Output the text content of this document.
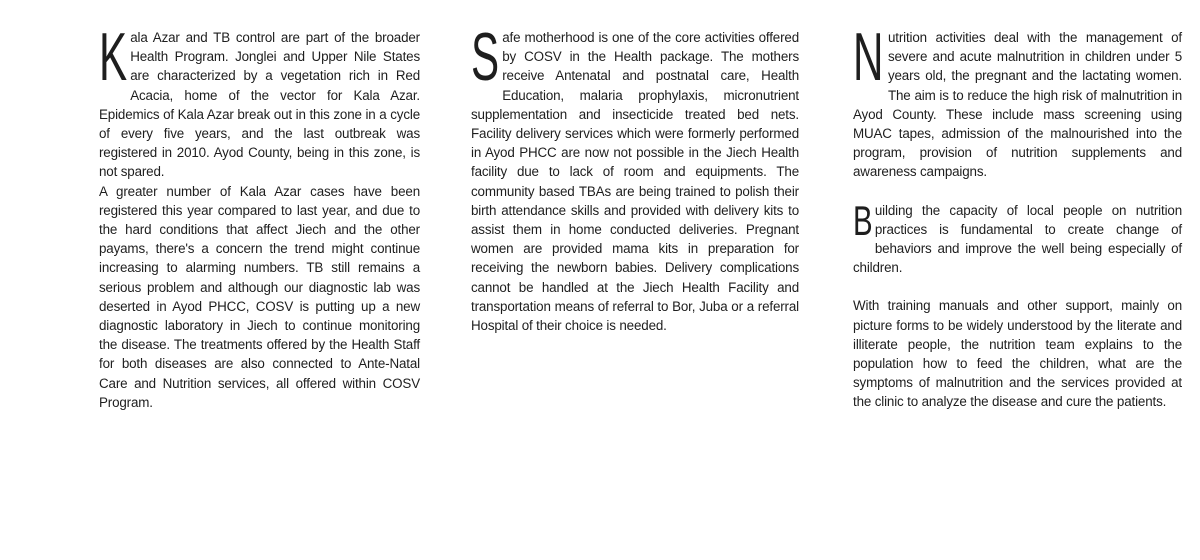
Kala Azar and TB control are part of the broader Health Program. Jonglei and Upper Nile States are characterized by a vegetation rich in Red Acacia, home of the vector for Kala Azar. Epidemics of Kala Azar break out in this zone in a cycle of every five years, and the last outbreak was registered in 2010. Ayod County, being in this zone, is not spared.

A greater number of Kala Azar cases have been registered this year compared to last year, and due to the hard conditions that affect Jiech and the other payams, there's a concern the trend might continue increasing to alarming numbers. TB still remains a serious problem and although our diagnostic lab was deserted in Ayod PHCC, COSV is putting up a new diagnostic laboratory in Jiech to continue monitoring the disease. The treatments offered by the Health Staff for both diseases are also connected to Ante-Natal Care and Nutrition services, all offered within COSV Program.

Safe motherhood is one of the core activities offered by COSV in the Health package. The mothers receive Antenatal and postnatal care, Health Education, malaria prophylaxis, micronutrient supplementation and insecticide treated bed nets. Facility delivery services which were formerly performed in Ayod PHCC are now not possible in the Jiech Health facility due to lack of room and equipments. The community based TBAs are being trained to polish their birth attendance skills and provided with delivery kits to assist them in home conducted deliveries. Pregnant women are provided mama kits in preparation for receiving the newborn babies. Delivery complications cannot be handled at the Jiech Health Facility and transportation means of referral to Bor, Juba or a referral Hospital of their choice is needed.

Nutrition activities deal with the management of severe and acute malnutrition in children under 5 years old, the pregnant and the lactating women. The aim is to reduce the high risk of malnutrition in Ayod County. These include mass screening using MUAC tapes, admission of the malnourished into the program, provision of nutrition supplements and awareness campaigns.

Building the capacity of local people on nutrition practices is fundamental to create change of behaviors and improve the well being especially of children.

With training manuals and other support, mainly on picture forms to be widely understood by the literate and illiterate people, the nutrition team explains to the population how to feed the children, what are the symptoms of malnutrition and the services provided at the clinic to analyze the disease and cure the patients.
